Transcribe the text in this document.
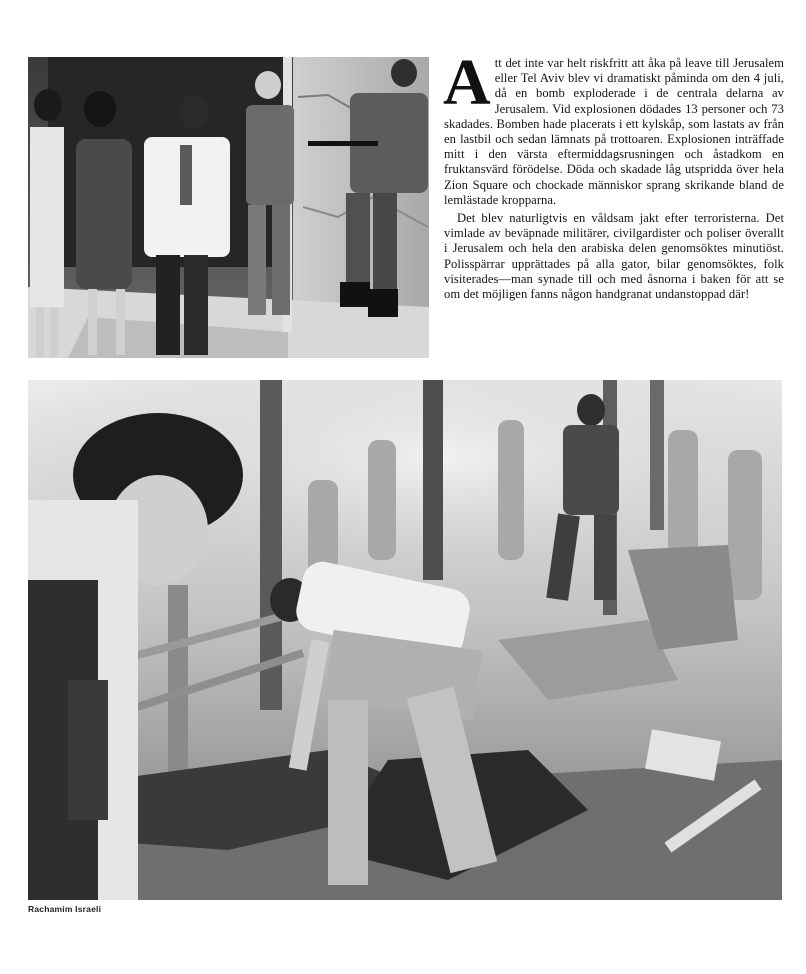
Att det inte var helt riskfritt att åka på leave till Jerusalem eller Tel Aviv blev vi dramatiskt påminda om den 4 juli, då en bomb exploderade i de centrala delarna av Jerusalem. Vid explosionen dödades 13 personer och 73 skadades. Bomben hade placerats i ett kylskåp, som lastats av från en lastbil och sedan lämnats på trottoaren. Explosionen inträffade mitt i den värsta eftermiddagsrusningen och åstadkom en fruktansvärd förödelse. Döda och skadade låg utspridda över hela Zion Square och chockade människor sprang skrikande bland de lemlästade kropparna.

Det blev naturligtvis en våldsam jakt efter terroristerna. Det vimlade av beväpnade militärer, civilgardister och poliser överallt i Jerusalem och hela den arabiska delen genomsöktes minutiöst. Polisspärrar upprättades på alla gator, bilar genomsöktes, folk visiterades—man synade till och med åsnorna i baken för att se om det möjligen fanns någon handgranat undanstoppad där!

Rachamim Israeli
